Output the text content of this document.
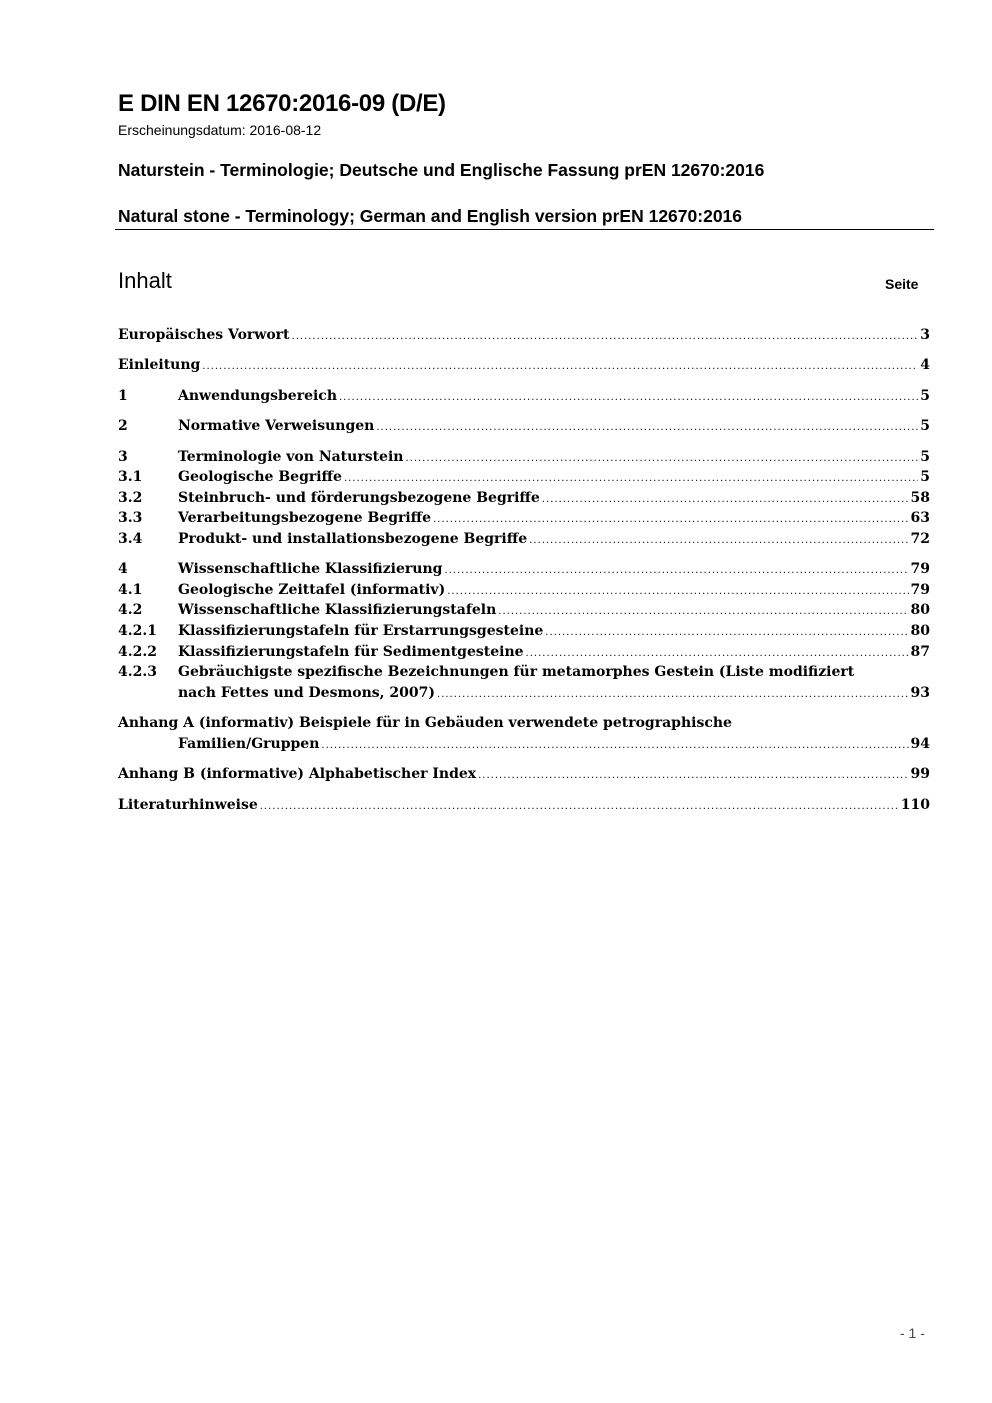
E DIN EN 12670:2016-09 (D/E)
Erscheinungsdatum: 2016-08-12
Naturstein - Terminologie; Deutsche und Englische Fassung prEN 12670:2016
Natural stone - Terminology; German and English version prEN 12670:2016
Inhalt	Seite
Europäisches Vorwort .....	3
Einleitung .....	4
1	Anwendungsbereich .....	5
2	Normative Verweisungen .....	5
3	Terminologie von Naturstein .....	5
3.1	Geologische Begriffe .....	5
3.2	Steinbruch- und förderungsbezogene Begriffe .....	58
3.3	Verarbeitungsbezogene Begriffe .....	63
3.4	Produkt- und installationsbezogene Begriffe .....	72
4	Wissenschaftliche Klassifizierung .....	79
4.1	Geologische Zeittafel (informativ) .....	79
4.2	Wissenschaftliche Klassifizierungstafeln .....	80
4.2.1	Klassifizierungstafeln für Erstarrungsgesteine .....	80
4.2.2	Klassifizierungstafeln für Sedimentgesteine .....	87
4.2.3	Gebräuchigste spezifische Bezeichnungen für metamorphes Gestein (Liste modifiziert
nach Fettes und Desmons, 2007) .....	93
Anhang A (informativ) Beispiele für in Gebäuden verwendete petrographische
Familien/Gruppen .....	94
Anhang B (informative) Alphabetischer Index .....	99
Literaturhinweise .....	110
- 1 -
